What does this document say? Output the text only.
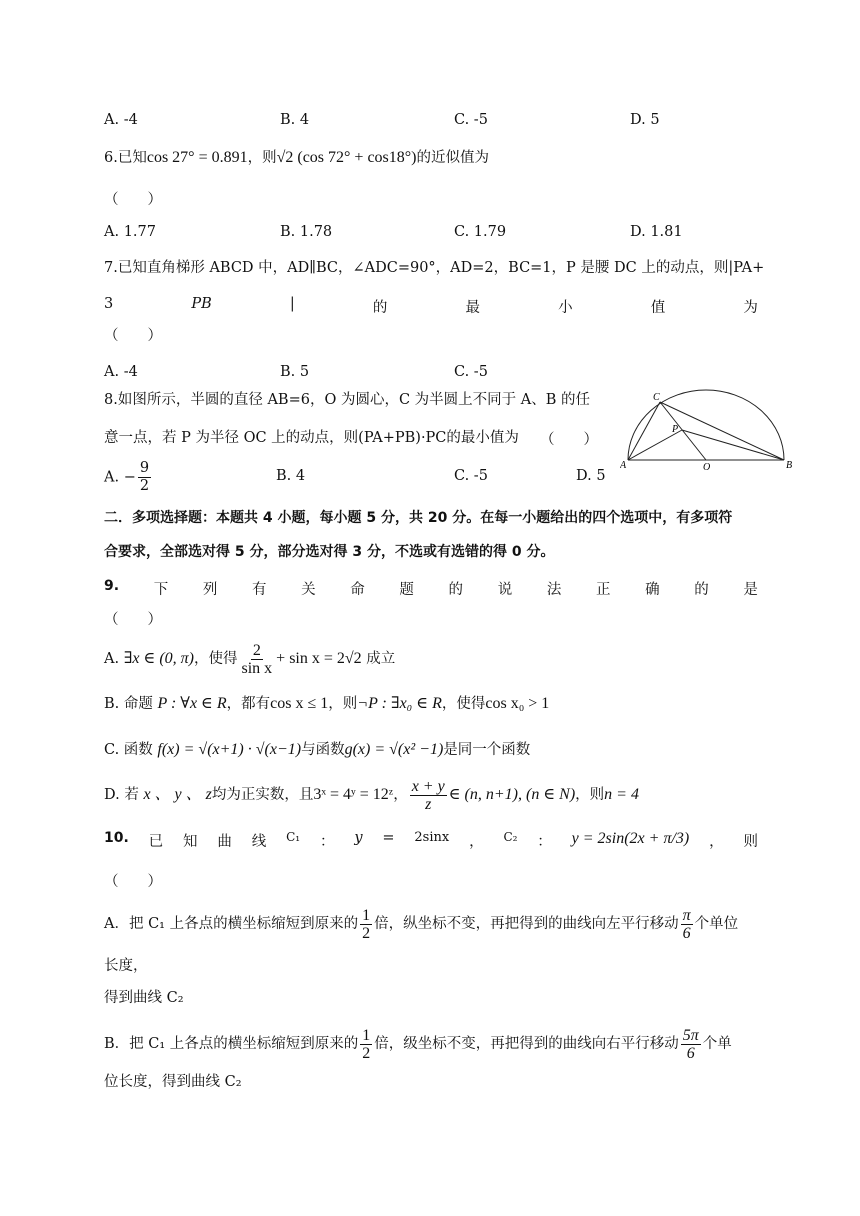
A. -4	B. 4	C. -5	D. 5
6.已知cos 27° = 0.891，则√2 (cos 72° + cos18°)的近似值为
（　　）
A. 1.77	B. 1.78	C. 1.79	D. 1.81
7.已知直角梯形 ABCD 中，AD∥BC，∠ADC=90°，AD=2，BC=1，P 是腰 DC 上的动点，则|PA+
3	PB	|	的	最	小	值	为
（　　）
A. -4	B. 5	C. -5
8.如图所示，半圆的直径 AB=6，O 为圆心，C 为半圆上不同于 A、B 的任
意一点，若 P 为半径 OC 上的动点，则(PA+PB)·PC的最小值为 （　　）
A. − $\frac{9}{2}$	B. 4	C. -5	D. 5
C
P
A	O	B
二．多项选择题：本题共 4 小题，每小题 5 分，共 20 分。在每一小题给出的四个选项中，有多项符
合要求，全部选对得 5 分，部分选对得 3 分，不选或有选错的得 0 分。
9. 下 列 有 关 命 题 的 说 法 正 确 的 是
（　　）
A. ∃x ∈ (0, π)，使得 $\frac{2}{\text{sin x}} + \sin x = 2√2$ 成立
B. 命题 P : ∀x ∈ R，都有cos x ≤ 1，则¬P : ∃x₀ ∈ R，使得cos x₀ > 1
C. 函数 f(x) = √(x+1) · √(x−1)与函数g(x) = √(x² −1)是同一个函数
D. 若 x 、 y 、 z均为正实数，且3ˣ = 4ʸ = 12ᶻ， $\frac{x + y}{z}$ ∈ (n, n+1), (n ∈ N)，则n = 4
10. 已 知 曲 线 C₁ ： y = 2sinx ， C₂ ： y = 2sin(2x + π/3) ， 则
（　　）
A．把 C₁ 上各点的横坐标缩短到原来的 $\frac{1}{2}$ 倍，纵坐标不变，再把得到的曲线向左平行移动 $\frac{\pi}{6}$ 个单位
长度，
得到曲线 C₂
B．把 C₁ 上各点的横坐标缩短到原来的 $\frac{1}{2}$ 倍，级坐标不变，再把得到的曲线向右平行移动 $\frac{5\pi}{6}$ 个单
位长度，得到曲线 C₂
